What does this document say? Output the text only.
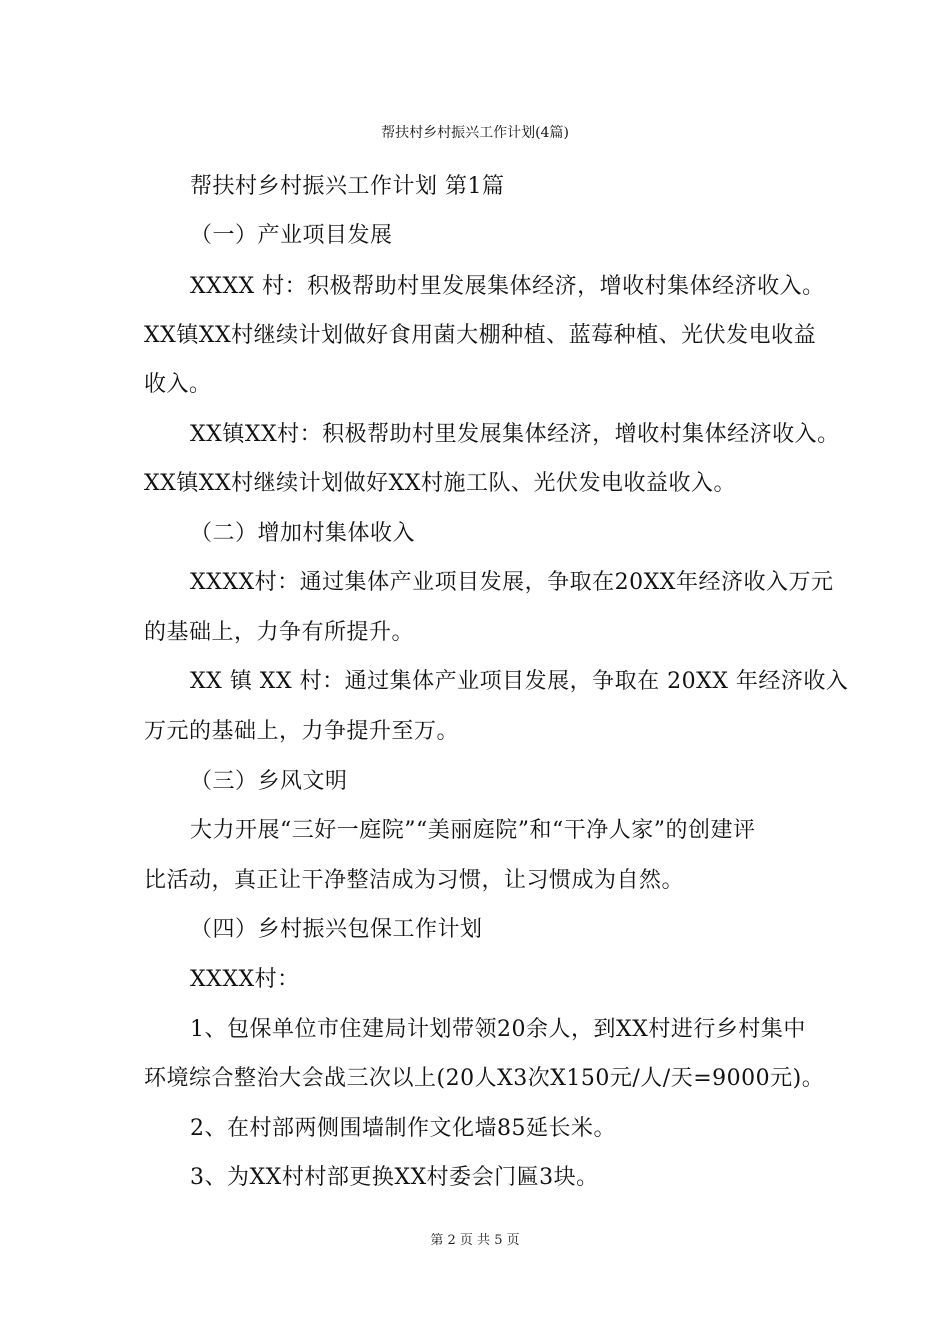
帮扶村乡村振兴工作计划(4篇)
帮扶村乡村振兴工作计划 第1篇
（一）产业项目发展
XXXX 村：积极帮助村里发展集体经济，增收村集体经济收入。
XX镇XX村继续计划做好食用菌大棚种植、蓝莓种植、光伏发电收益
收入。
XX镇XX村：积极帮助村里发展集体经济，增收村集体经济收入。
XX镇XX村继续计划做好XX村施工队、光伏发电收益收入。
（二）增加村集体收入
XXXX村：通过集体产业项目发展，争取在20XX年经济收入万元
的基础上，力争有所提升。
XX 镇 XX 村：通过集体产业项目发展，争取在 20XX 年经济收入
万元的基础上，力争提升至万。
（三）乡风文明
大力开展“三好一庭院”“美丽庭院”和“干净人家”的创建评
比活动，真正让干净整洁成为习惯，让习惯成为自然。
（四）乡村振兴包保工作计划
XXXX村：
1、包保单位市住建局计划带领20余人，到XX村进行乡村集中
环境综合整治大会战三次以上(20人X3次X150元/人/天=9000元)。
2、在村部两侧围墙制作文化墙85延长米。
3、为XX村村部更换XX村委会门匾3块。
第 2 页 共 5 页
